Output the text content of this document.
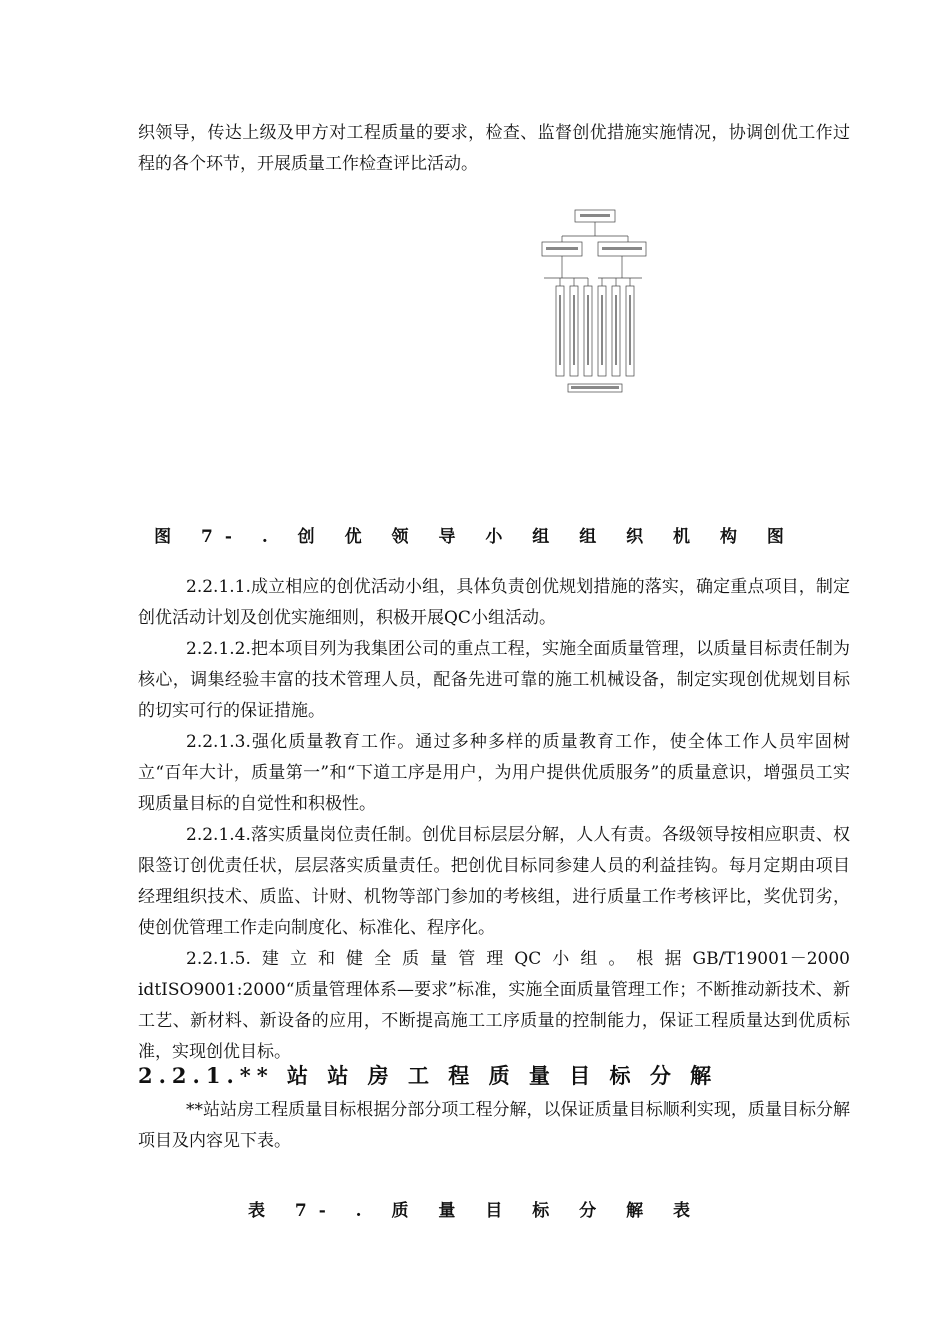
织领导，传达上级及甲方对工程质量的要求，检查、监督创优措施实施情况，协调创优工作过程的各个环节，开展质量工作检查评比活动。

图 7- . 创 优 领 导 小 组 组 织 机 构 图

2.2.1.1.成立相应的创优活动小组，具体负责创优规划措施的落实，确定重点项目，制定创优活动计划及创优实施细则，积极开展QC小组活动。

2.2.1.2.把本项目列为我集团公司的重点工程，实施全面质量管理，以质量目标责任制为核心，调集经验丰富的技术管理人员，配备先进可靠的施工机械设备，制定实现创优规划目标的切实可行的保证措施。

2.2.1.3.强化质量教育工作。通过多种多样的质量教育工作，使全体工作人员牢固树立“百年大计，质量第一”和“下道工序是用户，为用户提供优质服务”的质量意识，增强员工实现质量目标的自觉性和积极性。

2.2.1.4.落实质量岗位责任制。创优目标层层分解，人人有责。各级领导按相应职责、权限签订创优责任状，层层落实质量责任。把创优目标同参建人员的利益挂钩。每月定期由项目经理组织技术、质监、计财、机物等部门参加的考核组，进行质量工作考核评比，奖优罚劣，使创优管理工作走向制度化、标准化、程序化。

2.2.1.5.建立和健全质量管理QC小组。根据GB/T19001－2000 idtISO9001:2000“质量管理体系—要求”标准，实施全面质量管理工作；不断推动新技术、新工艺、新材料、新设备的应用，不断提高施工工序质量的控制能力，保证工程质量达到优质标准，实现创优目标。

2.2.1.** 站 站 房 工 程 质 量 目 标 分 解

**站站房工程质量目标根据分部分项工程分解，以保证质量目标顺利实现，质量目标分解项目及内容见下表。

表 7- . 质 量 目 标 分 解 表
